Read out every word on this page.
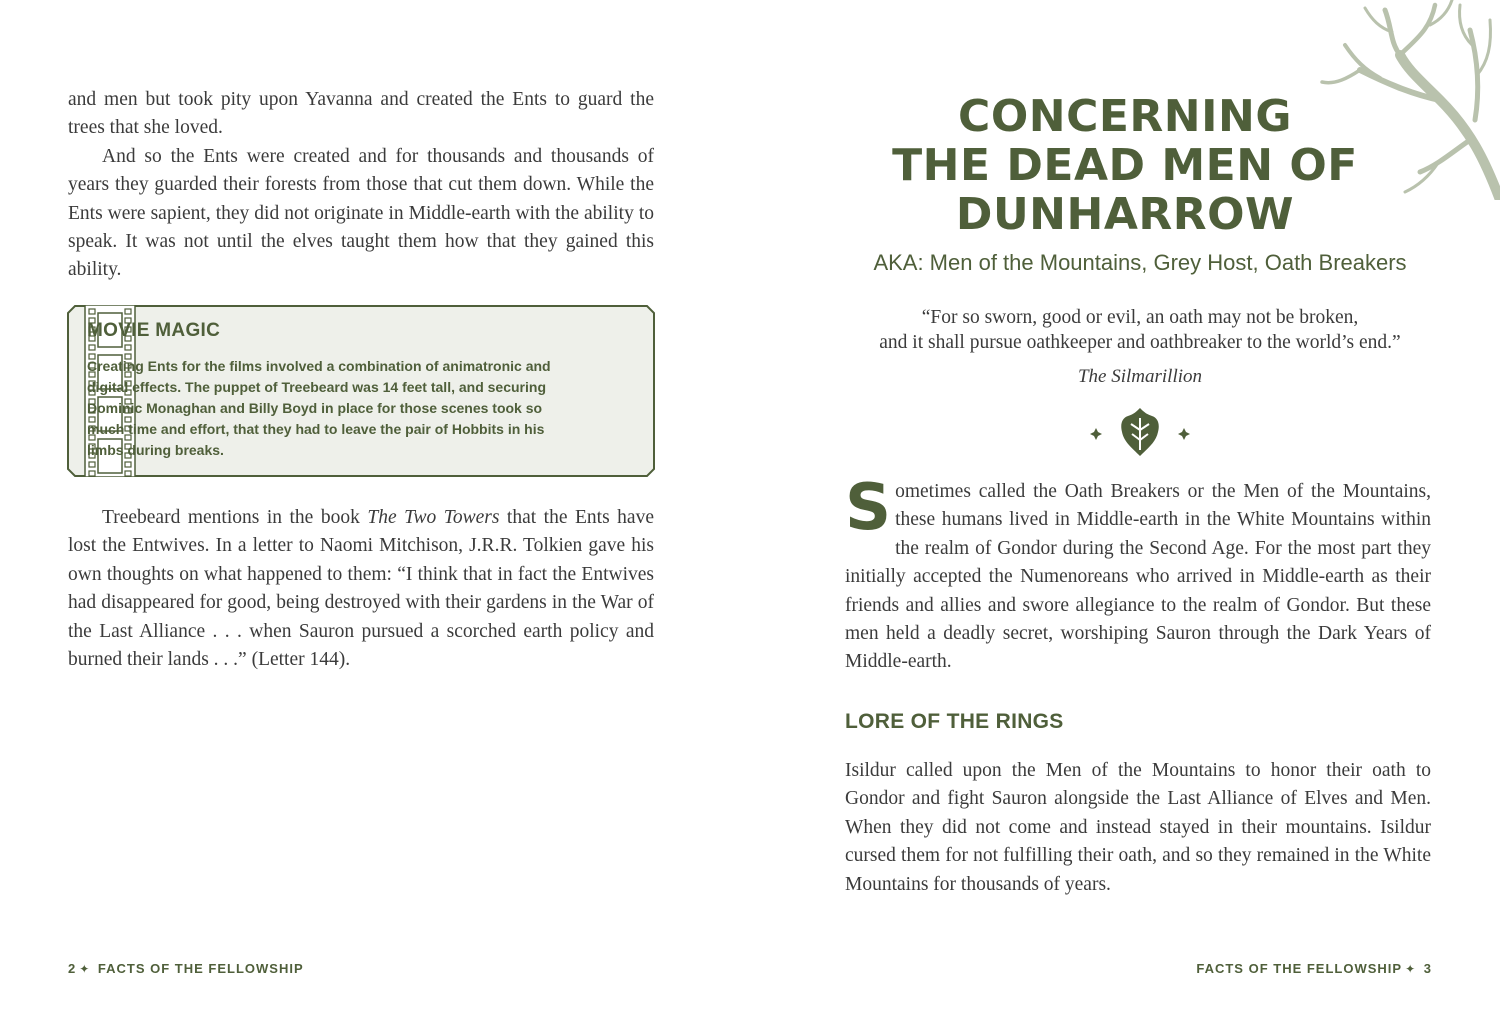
and men but took pity upon Yavanna and created the Ents to guard the trees that she loved.

And so the Ents were created and for thousands and thousands of years they guarded their forests from those that cut them down. While the Ents were sapient, they did not originate in Middle-earth with the ability to speak. It was not until the elves taught them how that they gained this ability.

MOVIE MAGIC

Creating Ents for the films involved a combination of animatronic and digital effects. The puppet of Treebeard was 14 feet tall, and securing Dominic Monaghan and Billy Boyd in place for those scenes took so much time and effort, that they had to leave the pair of Hobbits in his limbs during breaks.

Treebeard mentions in the book The Two Towers that the Ents have lost the Entwives. In a letter to Naomi Mitchison, J.R.R. Tolkien gave his own thoughts on what happened to them: “I think that in fact the Entwives had disappeared for good, being destroyed with their gardens in the War of the Last Alliance . . . when Sauron pursued a scorched earth policy and burned their lands . . .” (Letter 144).

2 ✦ FACTS OF THE FELLOWSHIP
CONCERNING
THE DEAD MEN OF
DUNHARROW
AKA: Men of the Mountains, Grey Host, Oath Breakers

“For so sworn, good or evil, an oath may not be broken,
and it shall pursue oathkeeper and oathbreaker to the world’s end.”

The Silmarillion

Sometimes called the Oath Breakers or the Men of the Mountains, these humans lived in Middle-earth in the White Mountains within the realm of Gondor during the Second Age. For the most part they initially accepted the Numenoreans who arrived in Middle-earth as their friends and allies and swore allegiance to the realm of Gondor. But these men held a deadly secret, worshiping Sauron through the Dark Years of Middle-earth.

LORE OF THE RINGS

Isildur called upon the Men of the Mountains to honor their oath to Gondor and fight Sauron alongside the Last Alliance of Elves and Men. When they did not come and instead stayed in their mountains. Isildur cursed them for not fulfilling their oath, and so they remained in the White Mountains for thousands of years.

FACTS OF THE FELLOWSHIP ✦ 3
